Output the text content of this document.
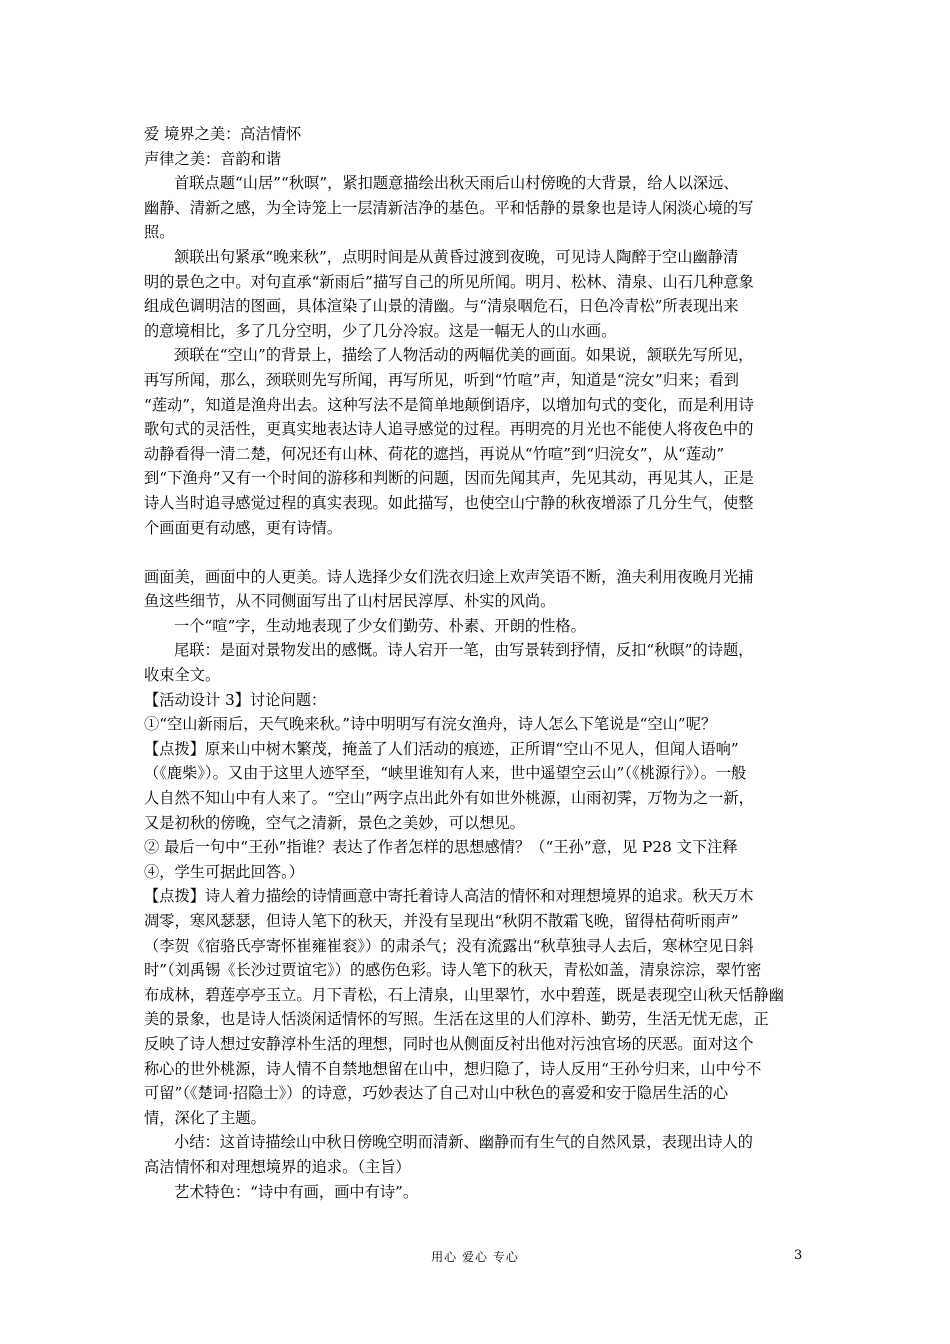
爱 境界之美：高洁情怀
声律之美：音韵和谐
首联点题“山居”“秋暝”，紧扣题意描绘出秋天雨后山村傍晚的大背景，给人以深远、
幽静、清新之感，为全诗笼上一层清新洁净的基色。平和恬静的景象也是诗人闲淡心境的写
照。
颔联出句紧承“晚来秋”，点明时间是从黄昏过渡到夜晚，可见诗人陶醉于空山幽静清
明的景色之中。对句直承“新雨后”描写自己的所见所闻。明月、松林、清泉、山石几种意象
组成色调明洁的图画，具体渲染了山景的清幽。与“清泉咽危石，日色冷青松”所表现出来
的意境相比，多了几分空明，少了几分冷寂。这是一幅无人的山水画。
颈联在“空山”的背景上，描绘了人物活动的两幅优美的画面。如果说，颔联先写所见，
再写所闻，那么，颈联则先写所闻，再写所见，听到“竹喧”声，知道是“浣女”归来；看到
“莲动”，知道是渔舟出去。这种写法不是简单地颠倒语序，以增加句式的变化，而是利用诗
歌句式的灵活性，更真实地表达诗人追寻感觉的过程。再明亮的月光也不能使人将夜色中的
动静看得一清二楚，何况还有山林、荷花的遮挡，再说从“竹喧”到“归浣女”，从“莲动”
到“下渔舟”又有一个时间的游移和判断的问题，因而先闻其声，先见其动，再见其人，正是
诗人当时追寻感觉过程的真实表现。如此描写，也使空山宁静的秋夜增添了几分生气，使整
个画面更有动感，更有诗情。
画面美，画面中的人更美。诗人选择少女们洗衣归途上欢声笑语不断，渔夫利用夜晚月光捕
鱼这些细节，从不同侧面写出了山村居民淳厚、朴实的风尚。
一个“喧”字，生动地表现了少女们勤劳、朴素、开朗的性格。
尾联：是面对景物发出的感慨。诗人宕开一笔，由写景转到抒情，反扣“秋暝”的诗题，
收束全文。
【活动设计 3】讨论问题：
①“空山新雨后，天气晚来秋。”诗中明明写有浣女渔舟，诗人怎么下笔说是“空山”呢？
【点拨】原来山中树木繁茂，掩盖了人们活动的痕迹，正所谓“空山不见人，但闻人语响”
（《鹿柴》）。又由于这里人迹罕至，“峡里谁知有人来，世中遥望空云山”（《桃源行》）。一般
人自然不知山中有人来了。“空山”两字点出此外有如世外桃源，山雨初霁，万物为之一新，
又是初秋的傍晚，空气之清新，景色之美妙，可以想见。
② 最后一句中“王孙”指谁？表达了作者怎样的思想感情？（“王孙”意，见 P28 文下注释
④，学生可据此回答。）
【点拨】诗人着力描绘的诗情画意中寄托着诗人高洁的情怀和对理想境界的追求。秋天万木
凋零，寒风瑟瑟，但诗人笔下的秋天，并没有呈现出“秋阴不散霜飞晚，留得枯荷听雨声”
（李贺《宿骆氏亭寄怀崔雍崔衮》）的肃杀气；没有流露出“秋草独寻人去后，寒林空见日斜
时”（刘禹锡《长沙过贾谊宅》）的感伤色彩。诗人笔下的秋天，青松如盖，清泉淙淙，翠竹密
布成林，碧莲亭亭玉立。月下青松，石上清泉，山里翠竹，水中碧莲，既是表现空山秋天恬静幽
美的景象，也是诗人恬淡闲适情怀的写照。生活在这里的人们淳朴、勤劳，生活无忧无虑，正
反映了诗人想过安静淳朴生活的理想，同时也从侧面反衬出他对污浊官场的厌恶。面对这个
称心的世外桃源，诗人情不自禁地想留在山中，想归隐了，诗人反用“王孙兮归来，山中兮不
可留”（《楚词·招隐士》）的诗意，巧妙表达了自己对山中秋色的喜爱和安于隐居生活的心
情，深化了主题。
小结：这首诗描绘山中秋日傍晚空明而清新、幽静而有生气的自然风景，表现出诗人的
高洁情怀和对理想境界的追求。（主旨）
艺术特色：“诗中有画，画中有诗”。
用心 爱心 专心	3
